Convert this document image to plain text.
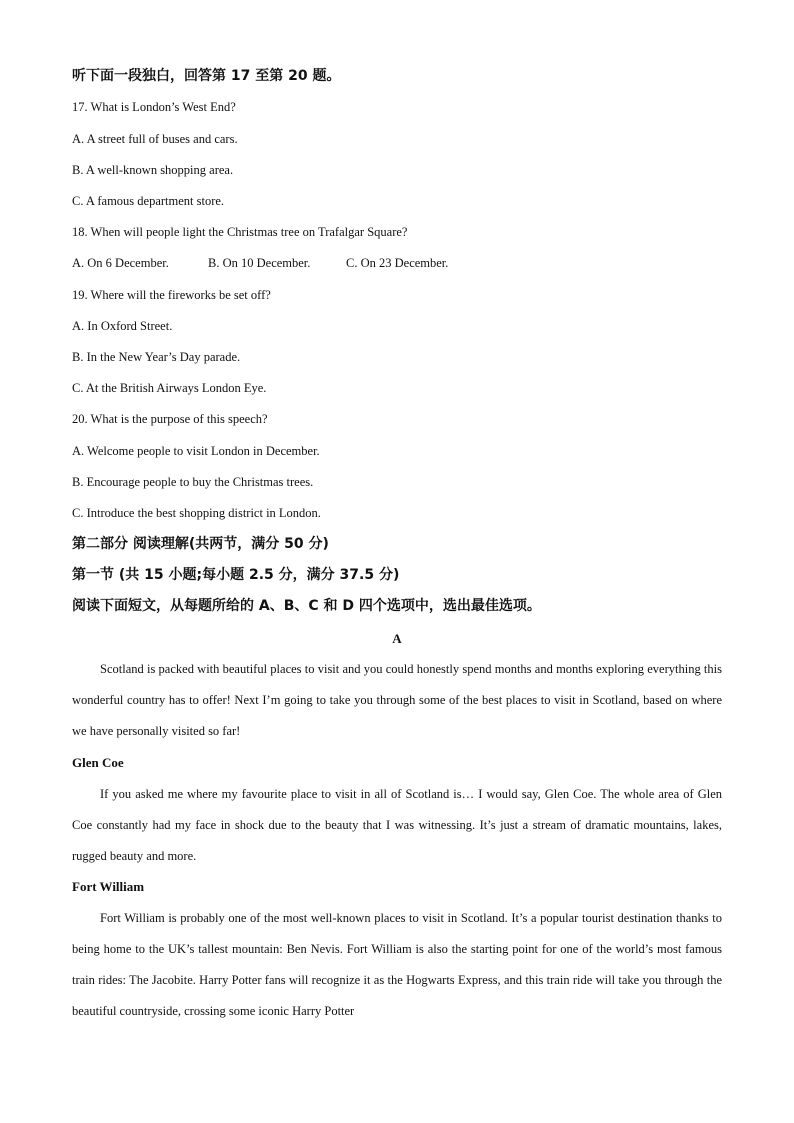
听下面一段独白，回答第 17 至第 20 题。
17. What is London’s West End?
A. A street full of buses and cars.
B. A well-known shopping area.
C. A famous department store.
18. When will people light the Christmas tree on Trafalgar Square?
A. On 6 December.	B. On 10 December.	C. On 23 December.
19. Where will the fireworks be set off?
A. In Oxford Street.
B. In the New Year’s Day parade.
C. At the British Airways London Eye.
20. What is the purpose of this speech?
A. Welcome people to visit London in December.
B. Encourage people to buy the Christmas trees.
C. Introduce the best shopping district in London.
第二部分 阅读理解(共两节，满分 50 分)
第一节 (共 15 小题;每小题 2.5 分，满分 37.5 分)
阅读下面短文，从每题所给的 A、B、C 和 D 四个选项中，选出最佳选项。
A
Scotland is packed with beautiful places to visit and you could honestly spend months and months exploring everything this wonderful country has to offer! Next I’m going to take you through some of the best places to visit in Scotland, based on where we have personally visited so far!
Glen Coe
If you asked me where my favourite place to visit in all of Scotland is… I would say, Glen Coe. The whole area of Glen Coe constantly had my face in shock due to the beauty that I was witnessing. It’s just a stream of dramatic mountains, lakes, rugged beauty and more.
Fort William
Fort William is probably one of the most well-known places to visit in Scotland. It’s a popular tourist destination thanks to being home to the UK’s tallest mountain: Ben Nevis. Fort William is also the starting point for one of the world’s most famous train rides: The Jacobite. Harry Potter fans will recognize it as the Hogwarts Express, and this train ride will take you through the beautiful countryside, crossing some iconic Harry Potter
